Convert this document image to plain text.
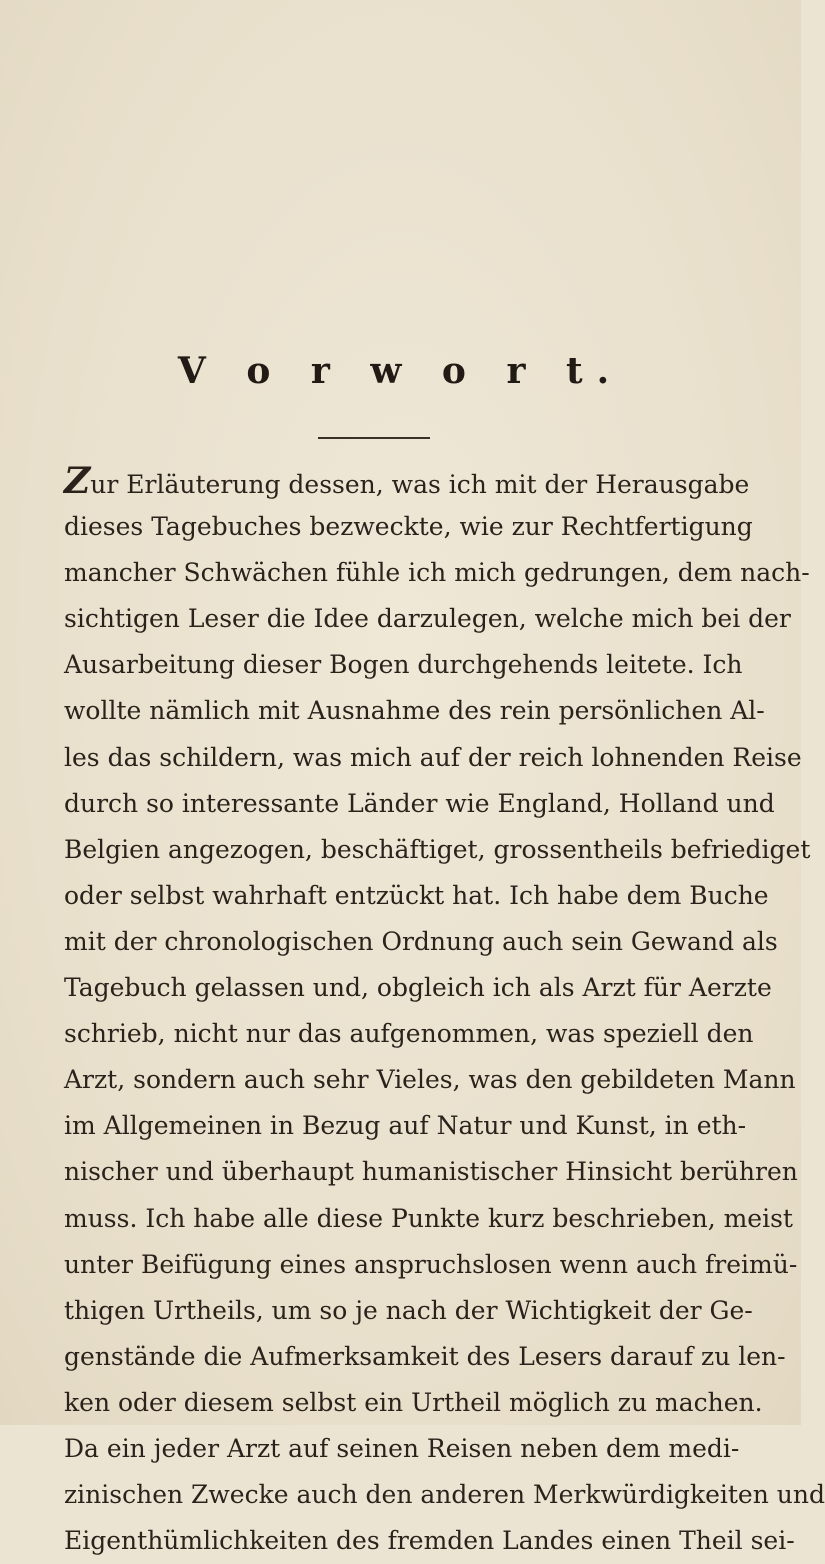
V o r w o r t.
Zur Erläuterung dessen, was ich mit der Herausgabe
dieses Tagebuches bezweckte, wie zur Rechtfertigung
mancher Schwächen fühle ich mich gedrungen, dem nach-
sichtigen Leser die Idee darzulegen, welche mich bei der
Ausarbeitung dieser Bogen durchgehends leitete. Ich
wollte nämlich mit Ausnahme des rein persönlichen Al-
les das schildern, was mich auf der reich lohnenden Reise
durch so interessante Länder wie England, Holland und
Belgien angezogen, beschäftiget, grossentheils befriediget
oder selbst wahrhaft entzückt hat. Ich habe dem Buche
mit der chronologischen Ordnung auch sein Gewand als
Tagebuch gelassen und, obgleich ich als Arzt für Aerzte
schrieb, nicht nur das aufgenommen, was speziell den
Arzt, sondern auch sehr Vieles, was den gebildeten Mann
im Allgemeinen in Bezug auf Natur und Kunst, in eth-
nischer und überhaupt humanistischer Hinsicht berühren
muss. Ich habe alle diese Punkte kurz beschrieben, meist
unter Beifügung eines anspruchslosen wenn auch freimü-
thigen Urtheils, um so je nach der Wichtigkeit der Ge-
genstände die Aufmerksamkeit des Lesers darauf zu len-
ken oder diesem selbst ein Urtheil möglich zu machen.
Da ein jeder Arzt auf seinen Reisen neben dem medi-
zinischen Zwecke auch den anderen Merkwürdigkeiten und
Eigenthümlichkeiten des fremden Landes einen Theil sei-
